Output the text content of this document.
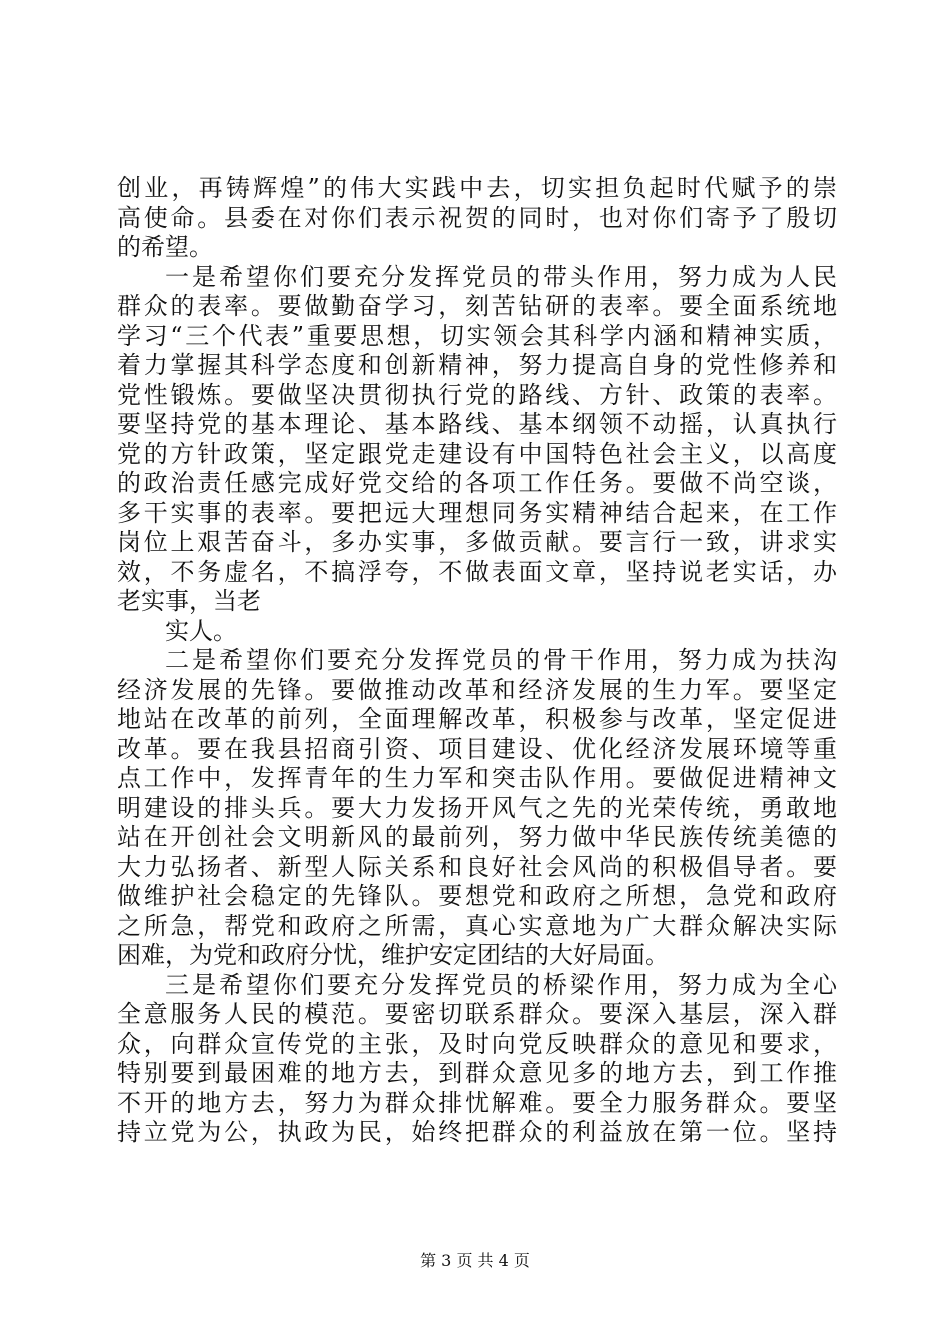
创业，再铸辉煌”的伟大实践中去，切实担负起时代赋予的崇
高使命。县委在对你们表示祝贺的同时，也对你们寄予了殷切
的希望。
一是希望你们要充分发挥党员的带头作用，努力成为人民
群众的表率。要做勤奋学习，刻苦钻研的表率。要全面系统地
学习“三个代表”重要思想，切实领会其科学内涵和精神实质，
着力掌握其科学态度和创新精神，努力提高自身的党性修养和
党性锻炼。要做坚决贯彻执行党的路线、方针、政策的表率。
要坚持党的基本理论、基本路线、基本纲领不动摇，认真执行
党的方针政策，坚定跟党走建设有中国特色社会主义，以高度
的政治责任感完成好党交给的各项工作任务。要做不尚空谈，
多干实事的表率。要把远大理想同务实精神结合起来，在工作
岗位上艰苦奋斗，多办实事，多做贡献。要言行一致，讲求实
效，不务虚名，不搞浮夸，不做表面文章，坚持说老实话，办
老实事，当老
实人。
二是希望你们要充分发挥党员的骨干作用，努力成为扶沟
经济发展的先锋。要做推动改革和经济发展的生力军。要坚定
地站在改革的前列，全面理解改革，积极参与改革，坚定促进
改革。要在我县招商引资、项目建设、优化经济发展环境等重
点工作中，发挥青年的生力军和突击队作用。要做促进精神文
明建设的排头兵。要大力发扬开风气之先的光荣传统，勇敢地
站在开创社会文明新风的最前列，努力做中华民族传统美德的
大力弘扬者、新型人际关系和良好社会风尚的积极倡导者。要
做维护社会稳定的先锋队。要想党和政府之所想，急党和政府
之所急，帮党和政府之所需，真心实意地为广大群众解决实际
困难，为党和政府分忧，维护安定团结的大好局面。
三是希望你们要充分发挥党员的桥梁作用，努力成为全心
全意服务人民的模范。要密切联系群众。要深入基层，深入群
众，向群众宣传党的主张，及时向党反映群众的意见和要求，
特别要到最困难的地方去，到群众意见多的地方去，到工作推
不开的地方去，努力为群众排忧解难。要全力服务群众。要坚
持立党为公，执政为民，始终把群众的利益放在第一位。坚持
第 3 页 共 4 页
